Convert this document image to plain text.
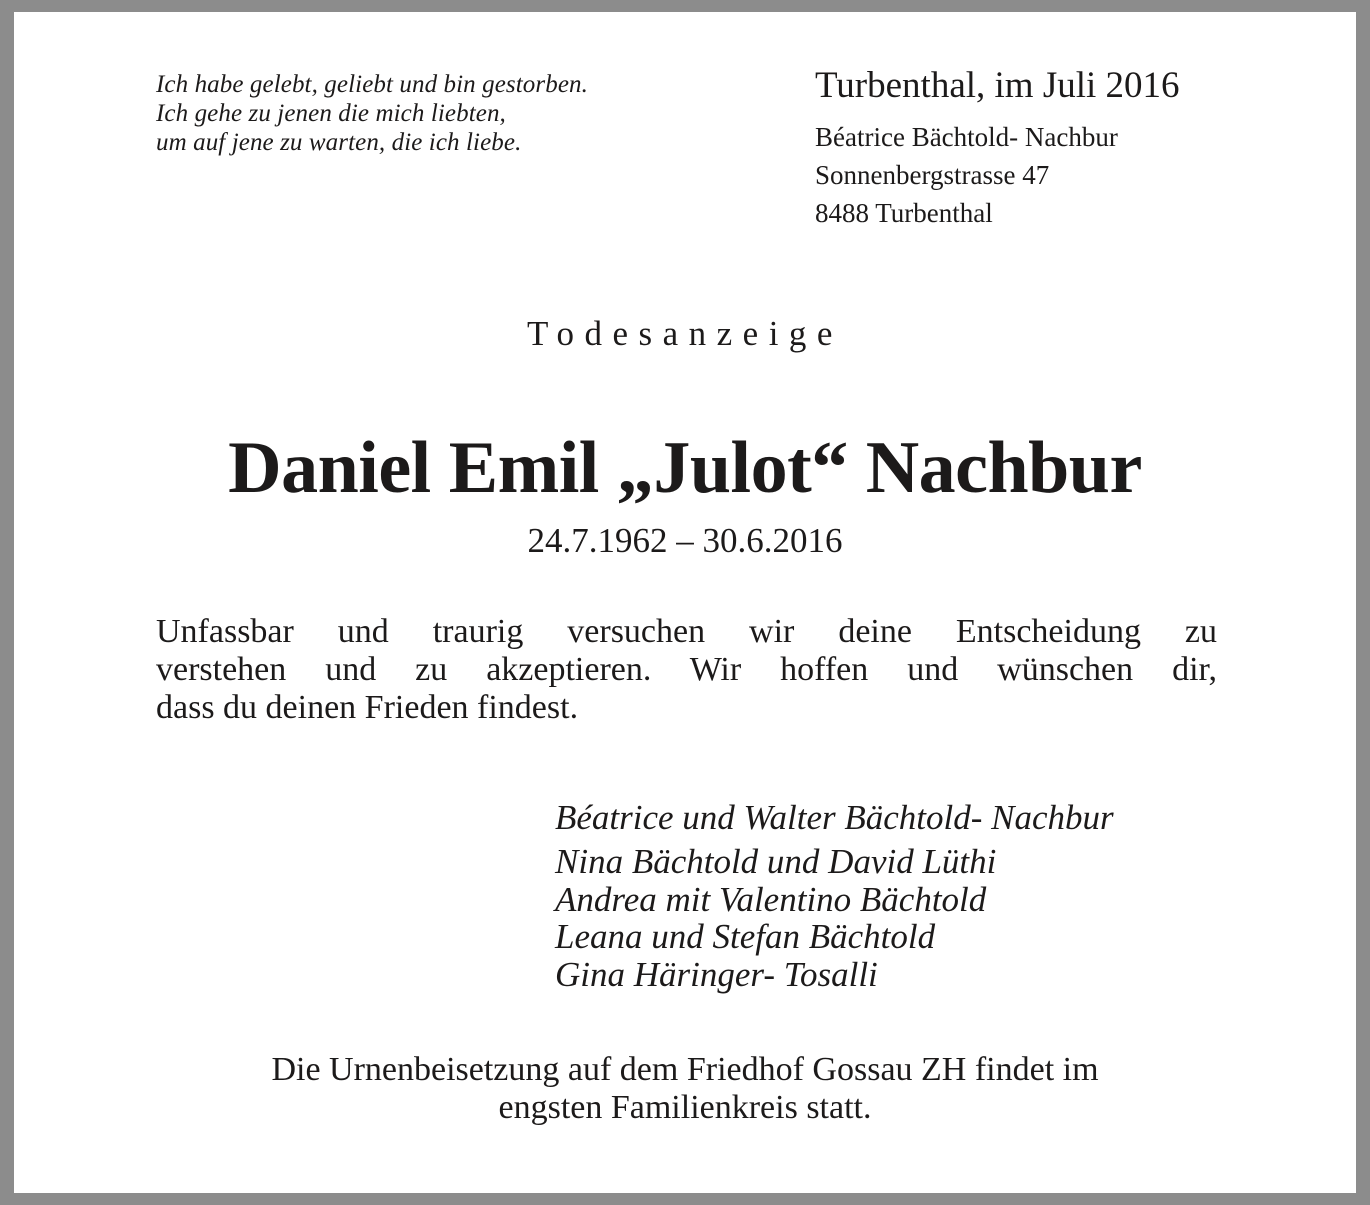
Ich habe gelebt, geliebt und bin gestorben.
Ich gehe zu jenen die mich liebten,
um auf jene zu warten, die ich liebe.
Turbenthal, im Juli 2016
Béatrice Bächtold- Nachbur
Sonnenbergstrasse 47
8488 Turbenthal
Todesanzeige
Daniel Emil „Julot“ Nachbur
24.7.1962 – 30.6.2016
Unfassbar und traurig versuchen wir deine Entscheidung zu
verstehen und zu akzeptieren. Wir hoffen und wünschen dir,
dass du deinen Frieden findest.
Béatrice und Walter Bächtold- Nachbur
Nina Bächtold und David Lüthi
Andrea mit Valentino Bächtold
Leana und Stefan Bächtold
Gina Häringer- Tosalli
Die Urnenbeisetzung auf dem Friedhof Gossau ZH findet im
engsten Familienkreis statt.
